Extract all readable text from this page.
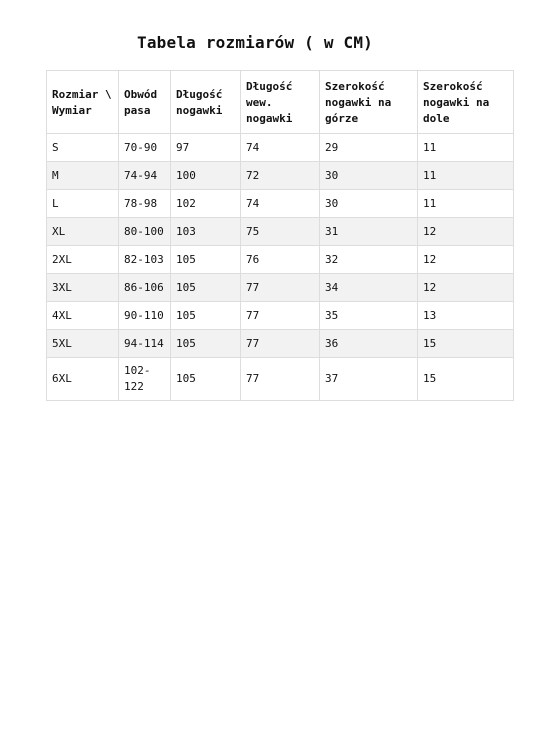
Tabela rozmiarów ( w CM)
Rozmiar \ Wymiar	Obwód pasa	Długość nogawki	Długość wew. nogawki	Szerokość nogawki na górze	Szerokość nogawki na dole
S	70-90	97	74	29	11
M	74-94	100	72	30	11
L	78-98	102	74	30	11
XL	80-100	103	75	31	12
2XL	82-103	105	76	32	12
3XL	86-106	105	77	34	12
4XL	90-110	105	77	35	13
5XL	94-114	105	77	36	15
6XL	102-122	105	77	37	15
